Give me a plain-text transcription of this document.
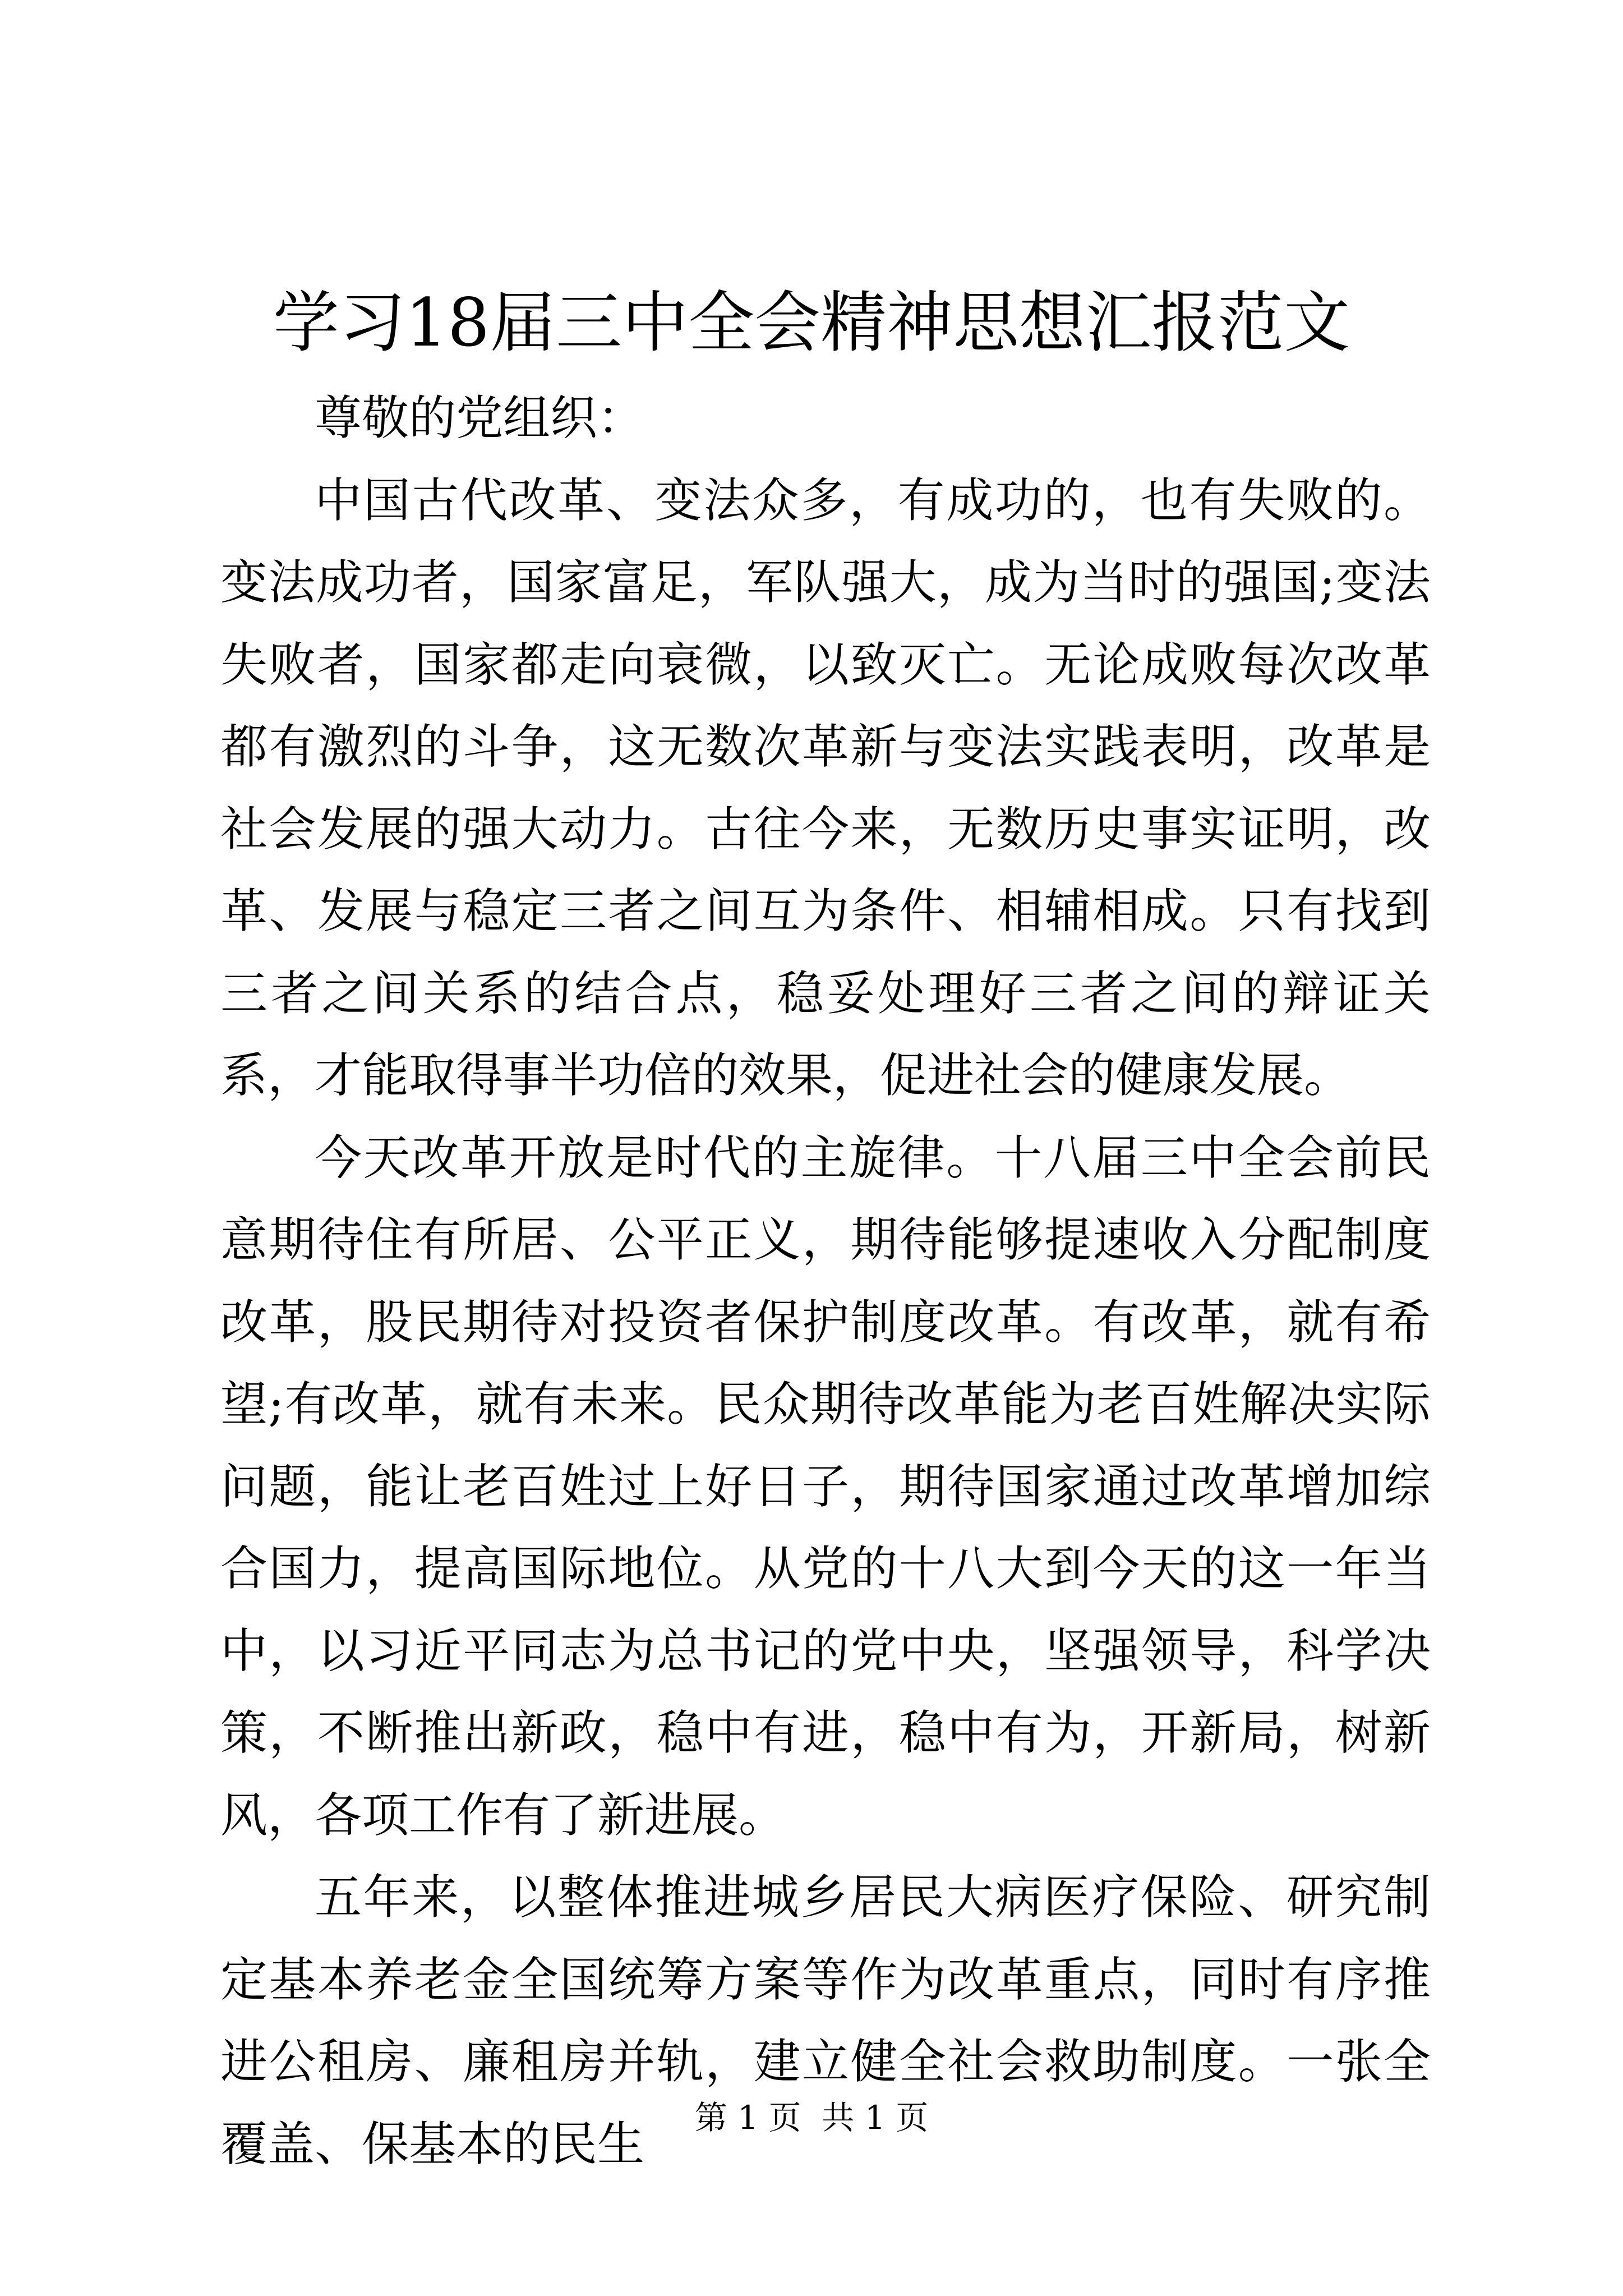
学习18届三中全会精神思想汇报范文

尊敬的党组织：

中国古代改革、变法众多，有成功的，也有失败的。变法成功者，国家富足，军队强大，成为当时的强国;变法失败者，国家都走向衰微，以致灭亡。无论成败每次改革都有激烈的斗争，这无数次革新与变法实践表明，改革是社会发展的强大动力。古往今来，无数历史事实证明，改革、发展与稳定三者之间互为条件、相辅相成。只有找到三者之间关系的结合点，稳妥处理好三者之间的辩证关系，才能取得事半功倍的效果，促进社会的健康发展。

今天改革开放是时代的主旋律。十八届三中全会前民意期待住有所居、公平正义，期待能够提速收入分配制度改革，股民期待对投资者保护制度改革。有改革，就有希望;有改革，就有未来。民众期待改革能为老百姓解决实际问题，能让老百姓过上好日子，期待国家通过改革增加综合国力，提高国际地位。从党的十八大到今天的这一年当中，以习近平同志为总书记的党中央，坚强领导，科学决策，不断推出新政，稳中有进，稳中有为，开新局，树新风，各项工作有了新进展。

五年来，以整体推进城乡居民大病医疗保险、研究制定基本养老金全国统筹方案等作为改革重点，同时有序推进公租房、廉租房并轨，建立健全社会救助制度。一张全覆盖、保基本的民生	第 1 页  共 1 页
